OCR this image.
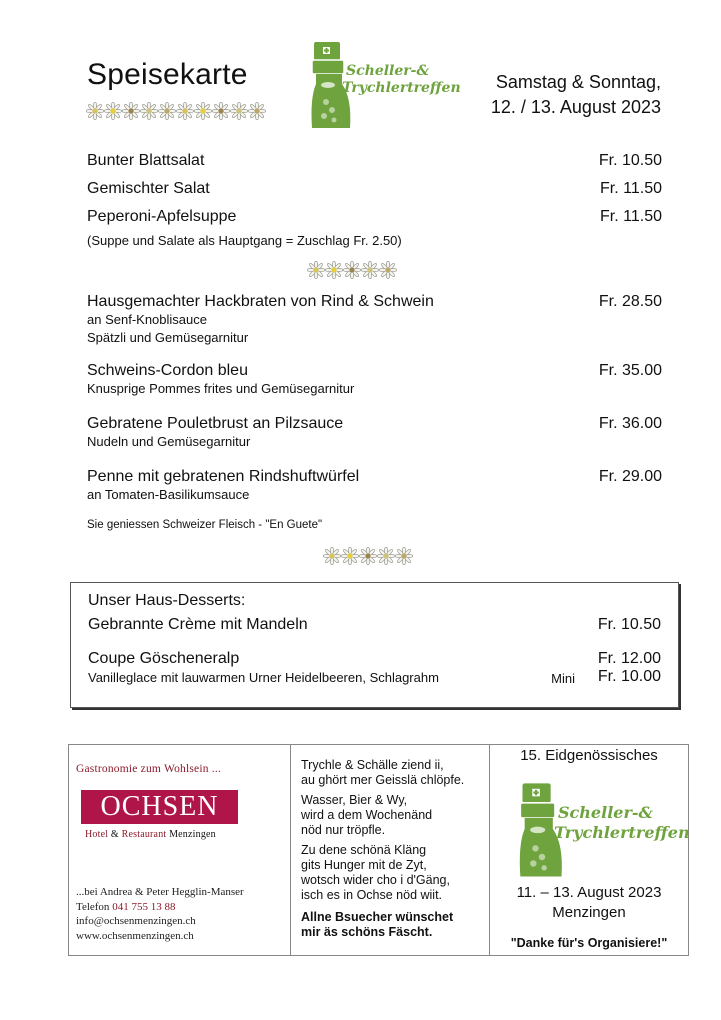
Speisekarte	Scheller-&
Trychlertreffen Samstag & Sonntag,
12. / 13. August 2023
Bunter Blattsalat	Fr. 10.50
Gemischter Salat	Fr. 11.50
Peperoni-Apfelsuppe	Fr. 11.50
(Suppe und Salate als Hauptgang = Zuschlag Fr. 2.50)
Hausgemachter Hackbraten von Rind & Schwein	Fr. 28.50
an Senf-Knoblisauce
Spätzli und Gemüsegarnitur
Schweins-Cordon bleu	Fr. 35.00
Knusprige Pommes frites und Gemüsegarnitur
Gebratene Pouletbrust an Pilzsauce	Fr. 36.00
Nudeln und Gemüsegarnitur
Penne mit gebratenen Rindshuftwürfel	Fr. 29.00
an Tomaten-Basilikumsauce
Sie geniessen Schweizer Fleisch - "En Guete"
Unser Haus-Desserts:
Gebrannte Crème mit Mandeln	Fr. 10.50
Coupe Göscheneralp	Fr. 12.00
Vanilleglace mit lauwarmen Urner Heidelbeeren, Schlagrahm	Mini Fr. 10.00
Gastronomie zum Wohlsein ...
OCHSEN
Hotel & Restaurant Menzingen
...bei Andrea & Peter Hegglin-Manser
Telefon 041 755 13 88
info@ochsenmenzingen.ch
www.ochsenmenzingen.ch

Trychle & Schälle ziend ii,
au ghört mer Geisslä chlöpfe.

Wasser, Bier & Wy,
wird a dem Wochenänd
nöd nur tröpfle.

Zu dene schönä Kläng
gits Hunger mit de Zyt,
wotsch wider cho i d'Gäng,
isch es in Ochse nöd wiit.

Allne Bsuecher wünschet
mir äs schöns Fäscht.

15. Eidgenössisches
Scheller-&
Trychlertreffen
11. – 13. August 2023
Menzingen
"Danke für's Organisiere!"
